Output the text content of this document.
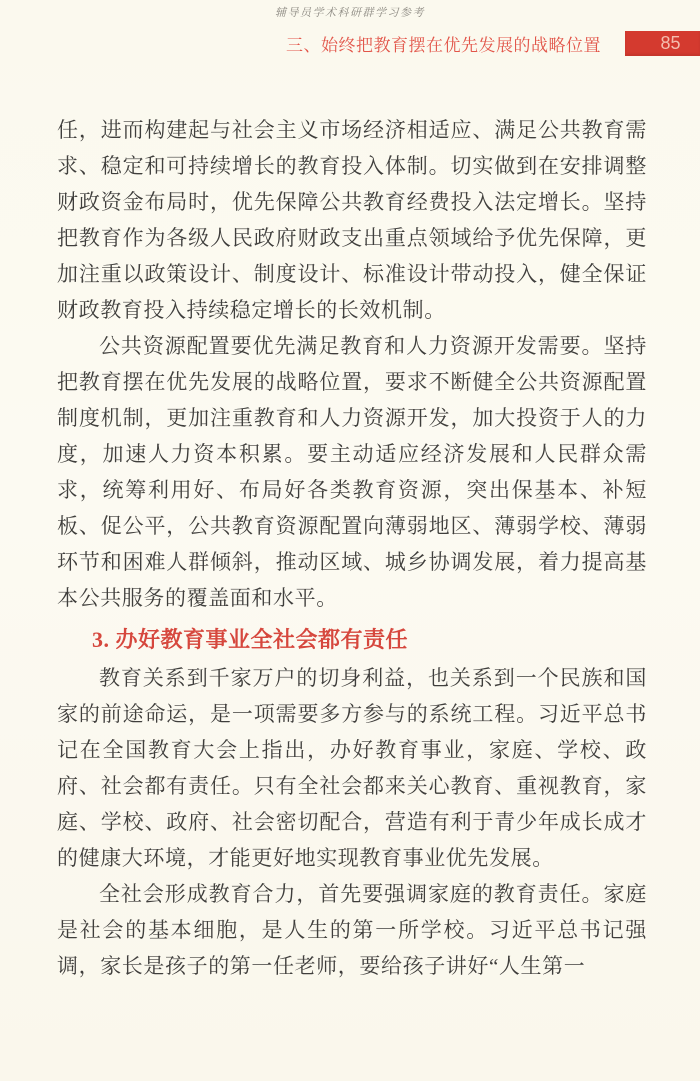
辅导员学术科研群学习参考
三、始终把教育摆在优先发展的战略位置	85

任，进而构建起与社会主义市场经济相适应、满足公共教育需求、稳定和可持续增长的教育投入体制。切实做到在安排调整财政资金布局时，优先保障公共教育经费投入法定增长。坚持把教育作为各级人民政府财政支出重点领域给予优先保障，更加注重以政策设计、制度设计、标准设计带动投入，健全保证财政教育投入持续稳定增长的长效机制。

公共资源配置要优先满足教育和人力资源开发需要。坚持把教育摆在优先发展的战略位置，要求不断健全公共资源配置制度机制，更加注重教育和人力资源开发，加大投资于人的力度，加速人力资本积累。要主动适应经济发展和人民群众需求，统筹利用好、布局好各类教育资源，突出保基本、补短板、促公平，公共教育资源配置向薄弱地区、薄弱学校、薄弱环节和困难人群倾斜，推动区域、城乡协调发展，着力提高基本公共服务的覆盖面和水平。

3. 办好教育事业全社会都有责任

教育关系到千家万户的切身利益，也关系到一个民族和国家的前途命运，是一项需要多方参与的系统工程。习近平总书记在全国教育大会上指出，办好教育事业，家庭、学校、政府、社会都有责任。只有全社会都来关心教育、重视教育，家庭、学校、政府、社会密切配合，营造有利于青少年成长成才的健康大环境，才能更好地实现教育事业优先发展。

全社会形成教育合力，首先要强调家庭的教育责任。家庭是社会的基本细胞，是人生的第一所学校。习近平总书记强调，家长是孩子的第一任老师，要给孩子讲好“人生第一
